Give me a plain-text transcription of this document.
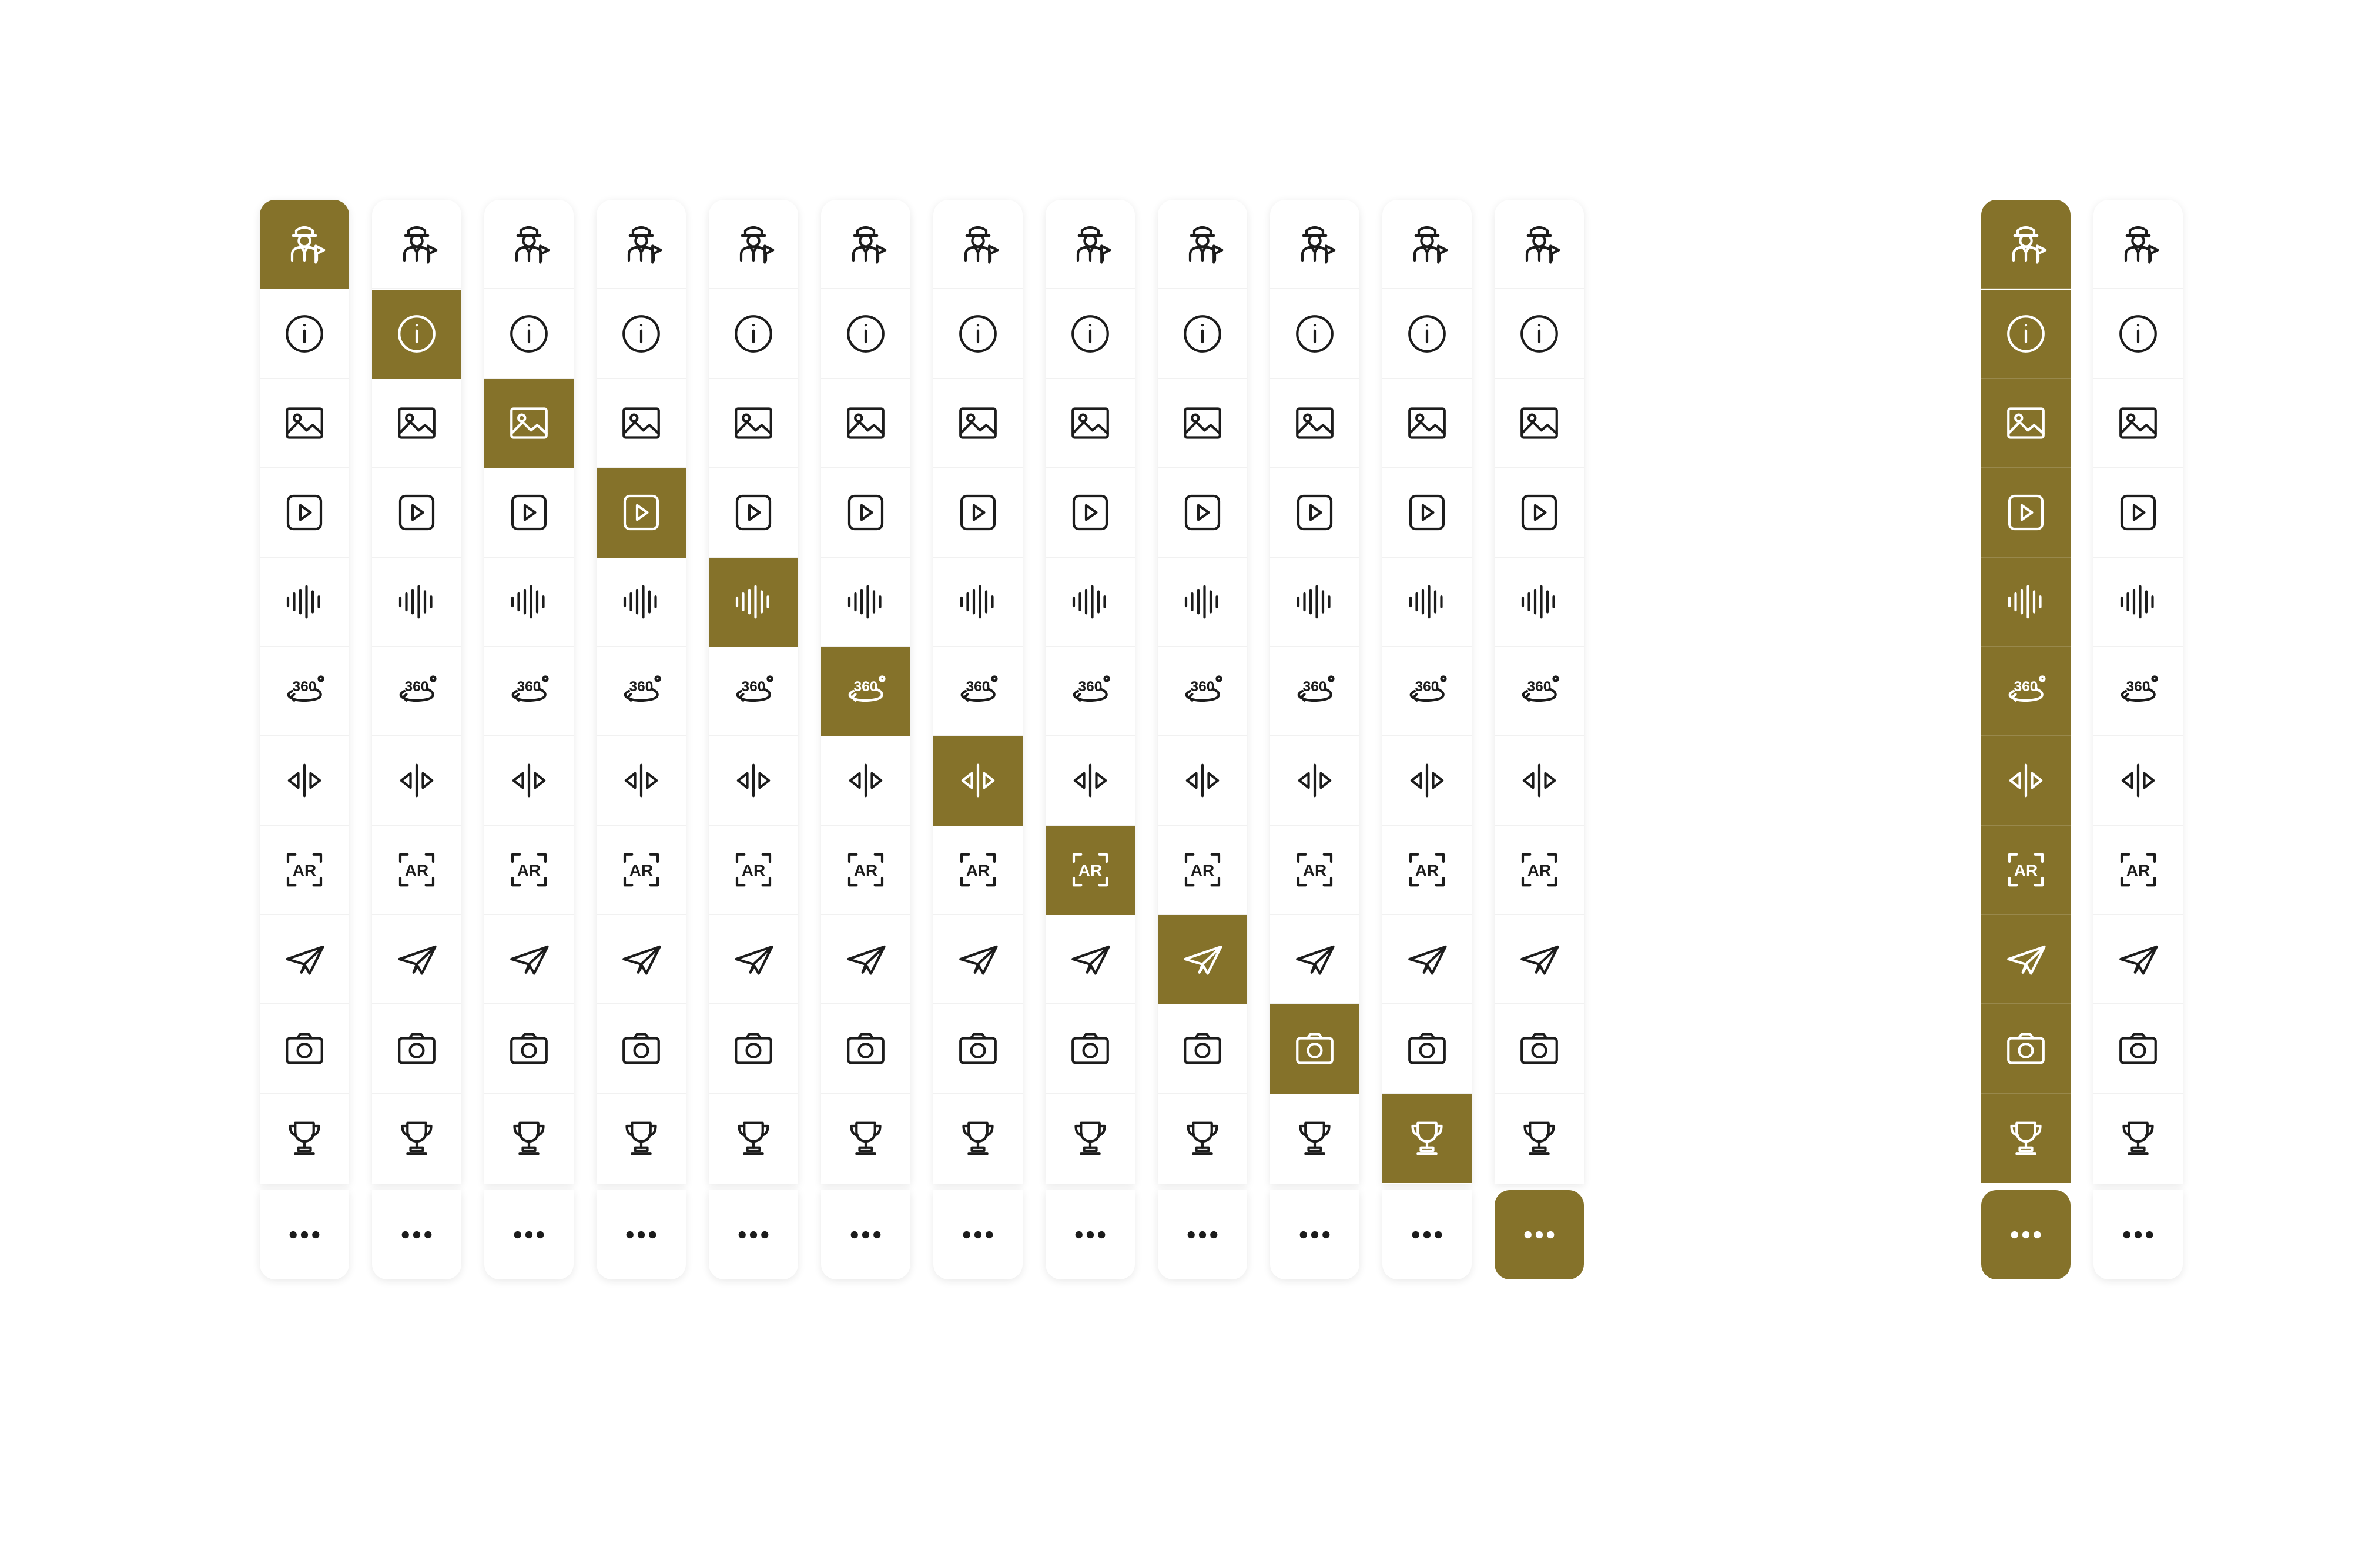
360
AR
360
AR
360
AR
360
AR
360
AR
360
AR
360
AR
360
AR
360
AR
360
AR
360
AR
360
AR
360
AR
360
AR
